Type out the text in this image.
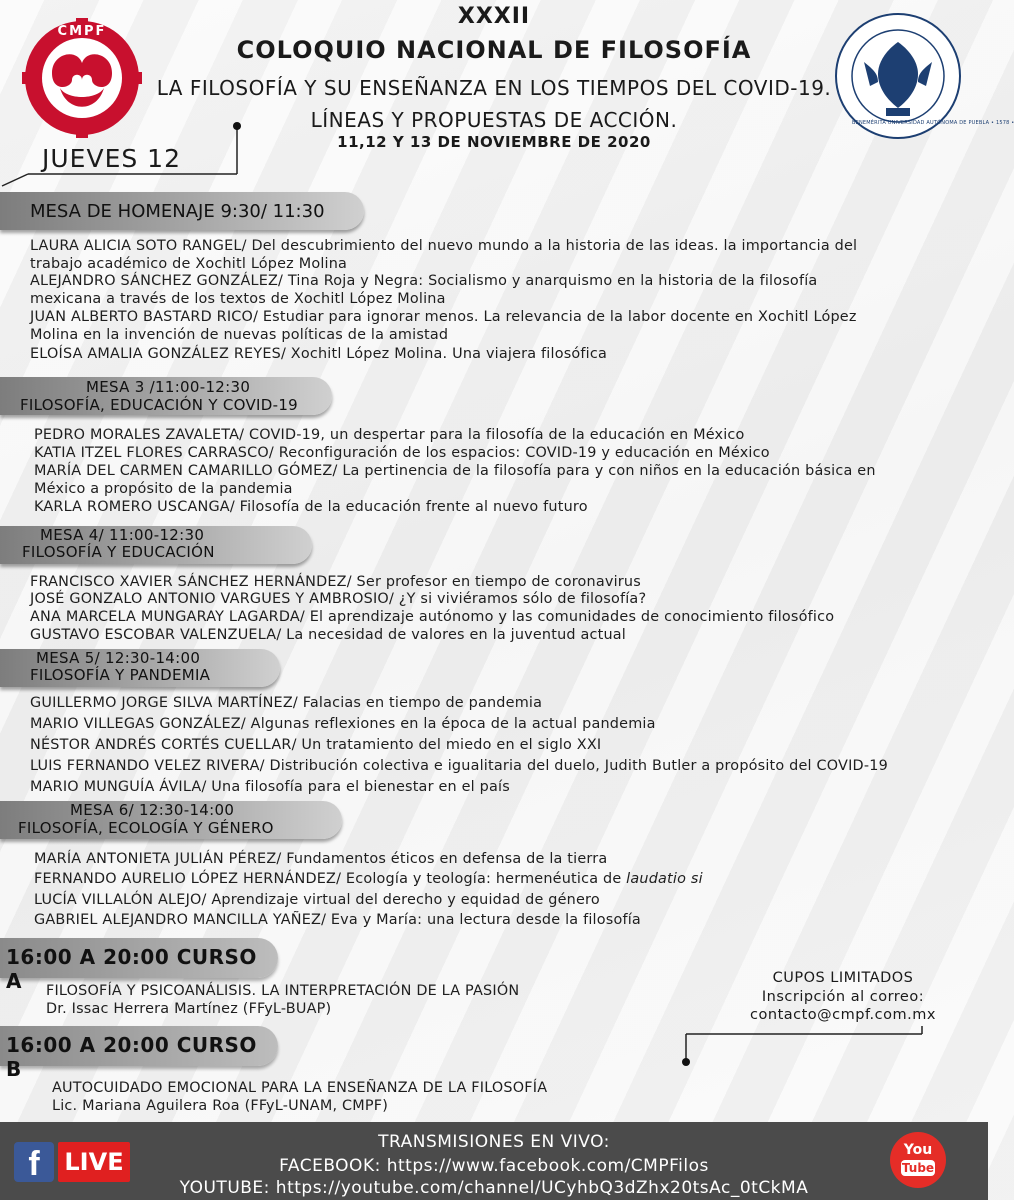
CMPF
BENEMÉRITA UNIVERSIDAD AUTÓNOMA DE PUEBLA • 1578 •
XXXII
COLOQUIO NACIONAL DE FILOSOFÍA
LA FILOSOFÍA Y SU ENSEÑANZA EN LOS TIEMPOS DEL COVID-19.
LÍNEAS Y PROPUESTAS DE ACCIÓN.
11,12 Y 13 DE NOVIEMBRE DE 2020
JUEVES 12
MESA DE HOMENAJE 9:30/ 11:30
LAURA ALICIA SOTO RANGEL/ Del descubrimiento del nuevo mundo a la historia de las ideas. la importancia del
trabajo académico de Xochitl López Molina
ALEJANDRO SÁNCHEZ GONZÁLEZ/ Tina Roja y Negra: Socialismo y anarquismo en la historia de la filosofía
mexicana a través de los textos de Xochitl López Molina
JUAN ALBERTO BASTARD RICO/ Estudiar para ignorar menos. La relevancia de la labor docente en Xochitl López
Molina en la invención de nuevas políticas de la amistad
ELOÍSA AMALIA GONZÁLEZ REYES/ Xochitl López Molina. Una viajera filosófica
MESA 3 /11:00-12:30
FILOSOFÍA, EDUCACIÓN Y COVID-19
PEDRO MORALES ZAVALETA/ COVID-19, un despertar para la filosofía de la educación en México
KATIA ITZEL FLORES CARRASCO/ Reconfiguración de los espacios: COVID-19 y educación en México
MARÍA DEL CARMEN CAMARILLO GÓMEZ/ La pertinencia de la filosofía para y con niños en la educación básica en
México a propósito de la pandemia
KARLA ROMERO USCANGA/ Filosofía de la educación frente al nuevo futuro
MESA 4/ 11:00-12:30
FILOSOFÍA Y EDUCACIÓN
FRANCISCO XAVIER SÁNCHEZ HERNÁNDEZ/ Ser profesor en tiempo de coronavirus
JOSÉ GONZALO ANTONIO VARGUES Y AMBROSIO/ ¿Y si viviéramos sólo de filosofía?
ANA MARCELA MUNGARAY LAGARDA/ El aprendizaje autónomo y las comunidades de conocimiento filosófico
GUSTAVO ESCOBAR VALENZUELA/ La necesidad de valores en la juventud actual
MESA 5/ 12:30-14:00
FILOSOFÍA Y PANDEMIA
GUILLERMO JORGE SILVA MARTÍNEZ/ Falacias en tiempo de pandemia
MARIO VILLEGAS GONZÁLEZ/ Algunas reflexiones en la época de la actual pandemia
NÉSTOR ANDRÉS CORTÉS CUELLAR/ Un tratamiento del miedo en el siglo XXI
LUIS FERNANDO VELEZ RIVERA/ Distribución colectiva e igualitaria del duelo, Judith Butler a propósito del COVID-19
MARIO MUNGUÍA ÁVILA/ Una filosofía para el bienestar en el país
MESA 6/ 12:30-14:00
FILOSOFÍA, ECOLOGÍA Y GÉNERO
MARÍA ANTONIETA JULIÁN PÉREZ/ Fundamentos éticos en defensa de la tierra
FERNANDO AURELIO LÓPEZ HERNÁNDEZ/ Ecología y teología: hermenéutica de laudatio si
LUCÍA VILLALÓN ALEJO/ Aprendizaje virtual del derecho y equidad de género
GABRIEL ALEJANDRO MANCILLA YAÑEZ/ Eva y María: una lectura desde la filosofía
16:00 A 20:00 CURSO A	FILOSOFÍA Y PSICOANÁLISIS. LA INTERPRETACIÓN DE LA PASIÓN
Dr. Issac Herrera Martínez (FFyL-BUAP)
16:00 A 20:00 CURSO B
AUTOCUIDADO EMOCIONAL PARA LA ENSEÑANZA DE LA FILOSOFÍA
Lic. Mariana Aguilera Roa (FFyL-UNAM, CMPF)
CUPOS LIMITADOS
Inscripción al correo:
contacto@cmpf.com.mx
TRANSMISIONES EN VIVO:
FACEBOOK: https://www.facebook.com/CMPFilos
YOUTUBE: https://youtube.com/channel/UCyhbQ3dZhx20tsAc_0tCkMA
f	LIVE	You
Tube
